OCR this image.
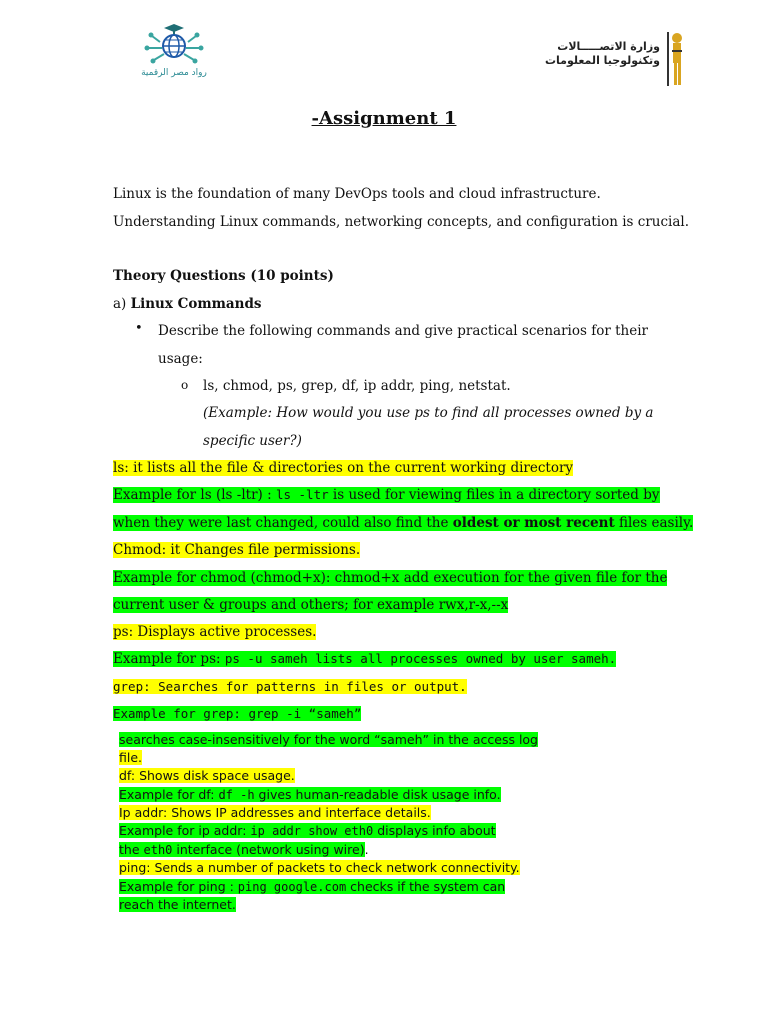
رواد مصر الرقمية
وزارة الاتصـــــالات
وتكنولوجيا المعلومات
-Assignment 1
Linux is the foundation of many DevOps tools and cloud infrastructure.
Understanding Linux commands, networking concepts, and configuration is crucial.
Theory Questions (10 points)
a) Linux Commands
• Describe the following commands and give practical scenarios for their
usage:
o ls, chmod, ps, grep, df, ip addr, ping, netstat.
(Example: How would you use ps to find all processes owned by a
specific user?)
ls: it lists all the file & directories on the current working directory
Example for ls (ls -ltr) : ls -ltr is used for viewing files in a directory sorted by
when they were last changed, could also find the oldest or most recent files easily.
Chmod: it Changes file permissions.
Example for chmod (chmod+x): chmod+x add execution for the given file for the
current user & groups and others; for example rwx,r-x,--x
ps: Displays active processes.
Example for ps: ps -u sameh lists all processes owned by user sameh.
grep: Searches for patterns in files or output.
Example for grep: grep -i “sameh”
searches case-insensitively for the word “sameh” in the access log
file.
df: Shows disk space usage.
Example for df: df -h gives human-readable disk usage info.
Ip addr: Shows IP addresses and interface details.
Example for ip addr: ip addr show eth0 displays info about
the eth0 interface (network using wire).
ping: Sends a number of packets to check network connectivity.
Example for ping : ping google.com checks if the system can
reach the internet.
